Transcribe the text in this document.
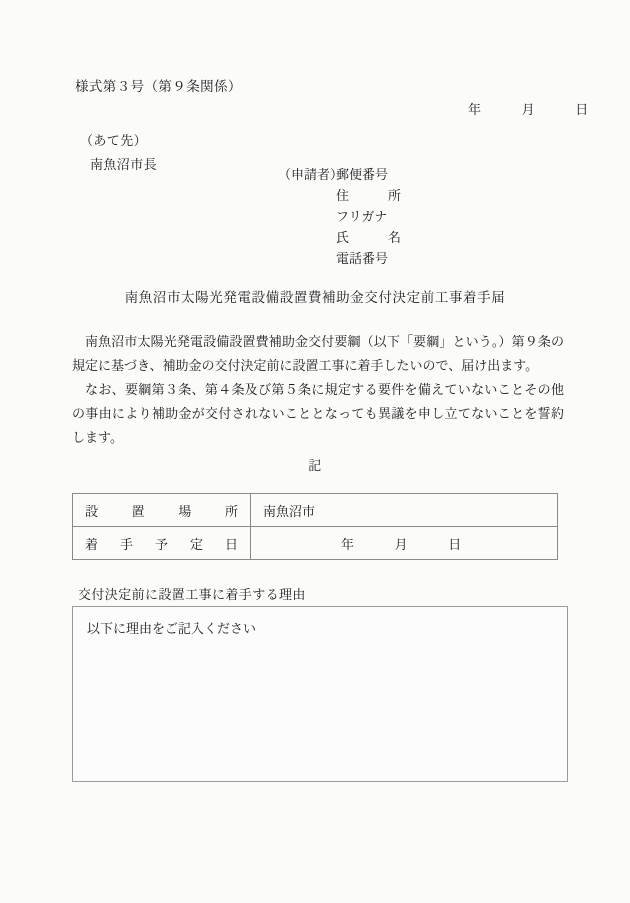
様式第３号（第９条関係）
年　　　月　　　日
（あて先）
南魚沼市長
（申請者）郵便番号
住　　　所
フリガナ
氏　　　名
電話番号
南魚沼市太陽光発電設備設置費補助金交付決定前工事着手届

南魚沼市太陽光発電設備設置費補助金交付要綱（以下「要綱」という。）第９条の規定に基づき、補助金の交付決定前に設置工事に着手したいので、届け出ます。

なお、要綱第３条、第４条及び第５条に規定する要件を備えていないことその他の事由により補助金が交付されないこととなっても異議を申し立てないことを誓約します。

記
設置場所	南魚沼市
着手予定日	年　　　月　　　日
交付決定前に設置工事に着手する理由
以下に理由をご記入ください
